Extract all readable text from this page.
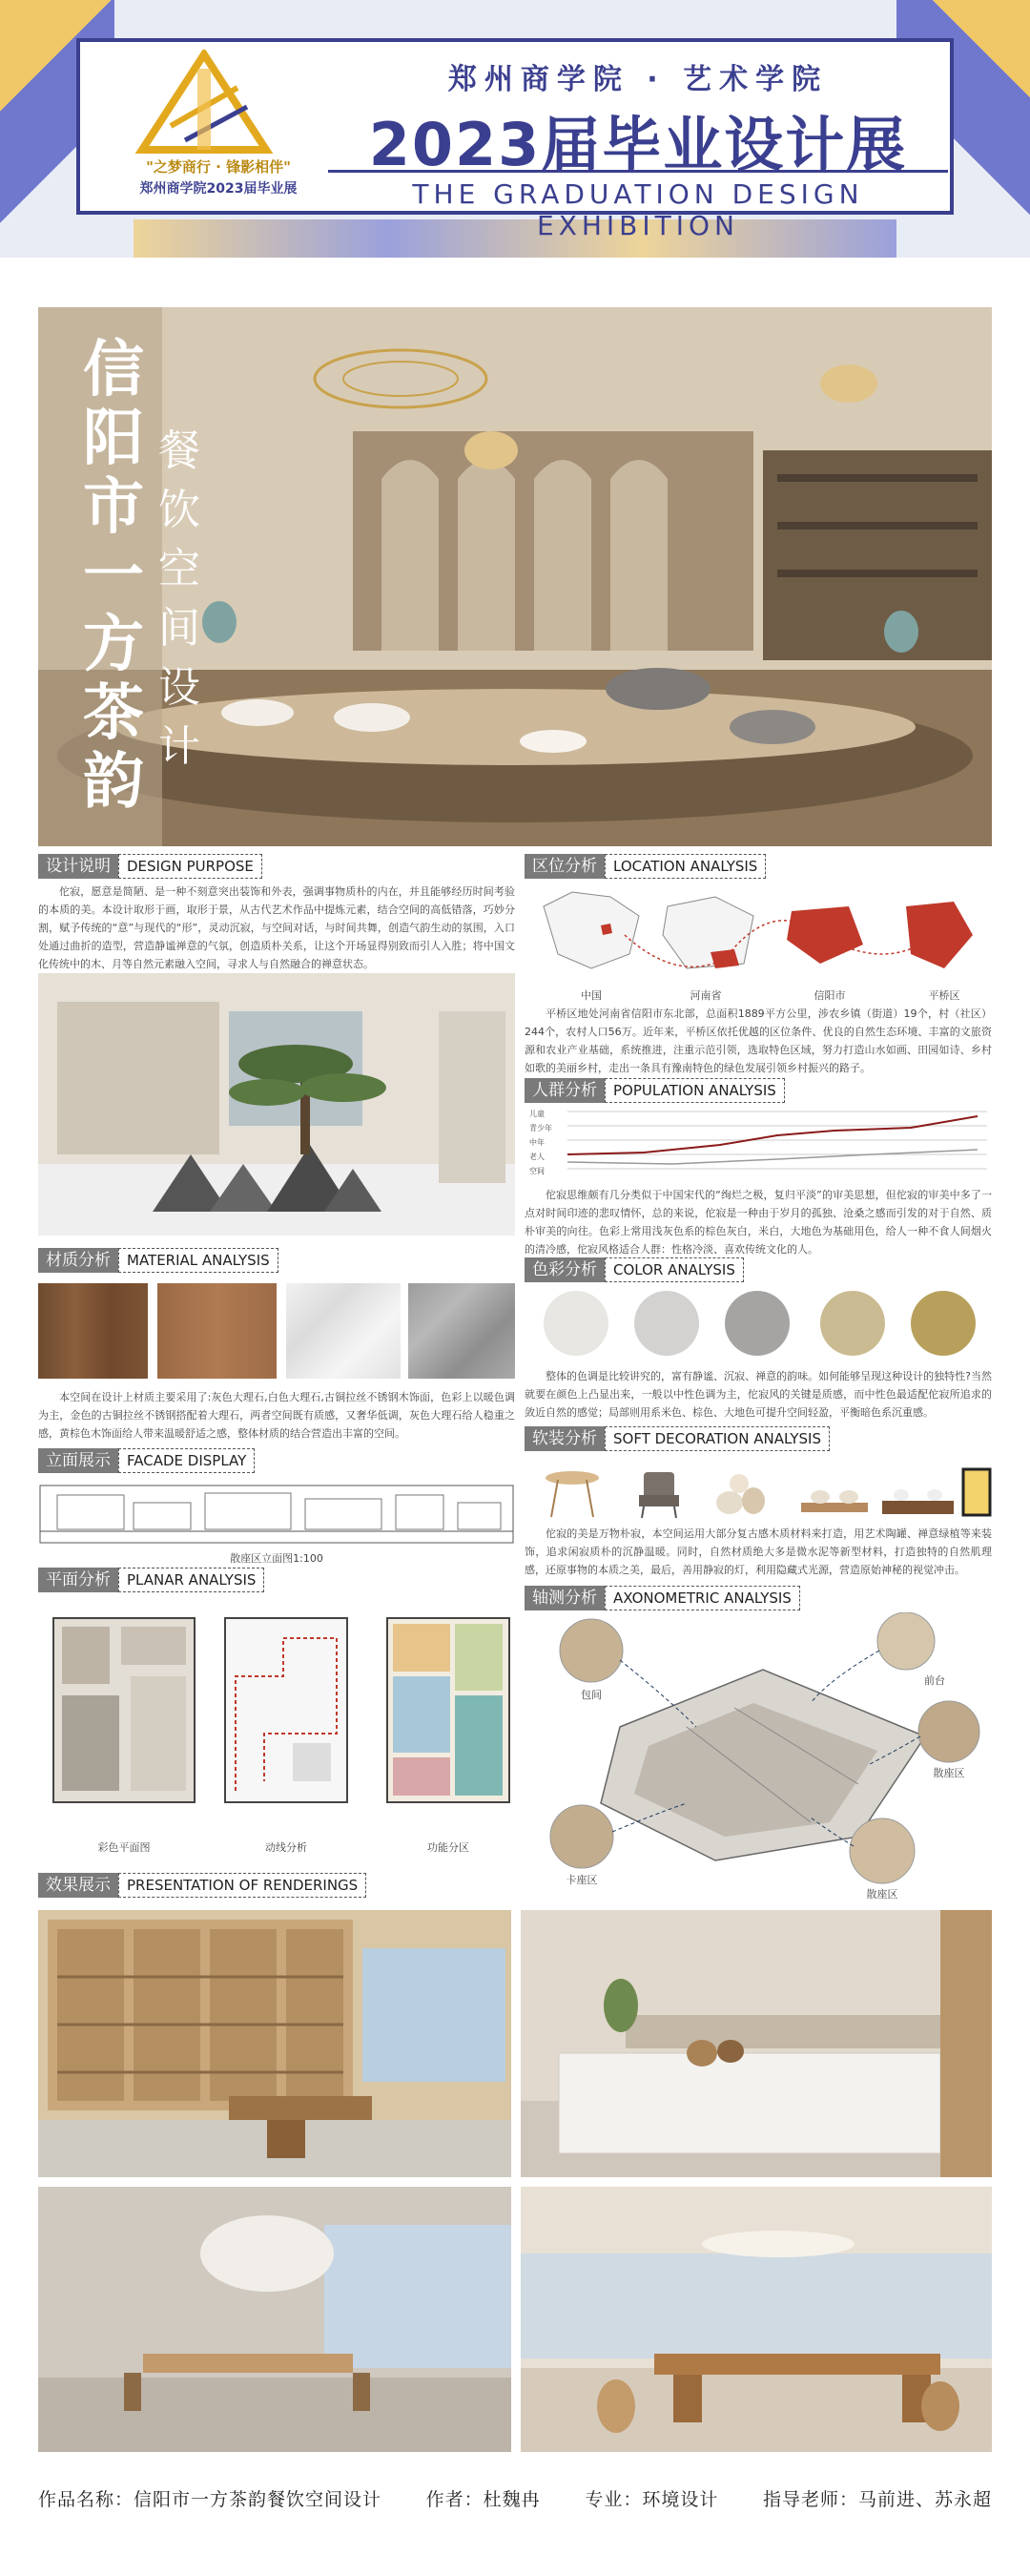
"之梦商行 · 锋影相伴"
郑州商学院2023届毕业展
郑州商学院 · 艺术学院
2023届毕业设计展
THE GRADUATION DESIGN EXHIBITION
信
阳
市
一
方
茶
韵
餐
饮
空
间
设
计
设计说明	DESIGN PURPOSE
佗寂，愿意是简陋、是一种不刻意突出装饰和外表，强调事物质朴的内在，并且能够经历时间考验的本质的美。本设计取形于画，取形于景，从古代艺术作品中提炼元素，结合空间的高低错落，巧妙分割，赋予传统的“意”与现代的“形”，灵动沉寂，与空间对话，与时间共舞，创造气韵生动的氛围，入口处通过曲折的造型，营造静谧禅意的气氛，创造质朴关系，让这个开场显得别致而引人入胜；将中国文化传统中的木、月等自然元素融入空间，寻求人与自然融合的禅意状态。
材质分析	MATERIAL ANALYSIS
本空间在设计上材质主要采用了:灰色大理石,白色大理石,古铜拉丝不锈钢木饰面，色彩上以暖色调为主，金色的古铜拉丝不锈钢搭配着大理石，两者空间既有质感，又奢华低调，灰色大理石给人稳重之感，黄棕色木饰面给人带来温暖舒适之感，整体材质的结合营造出丰富的空间。
立面展示	FACADE DISPLAY
散座区立面图1:100
平面分析	PLANAR ANALYSIS
彩色平面图	动线分析	功能分区
区位分析	LOCATION ANALYSIS
中国	河南省	信阳市	平桥区
平桥区地处河南省信阳市东北部，总面积1889平方公里，涉农乡镇（街道）19个，村（社区）244个，农村人口56万。近年来，平桥区依托优越的区位条件、优良的自然生态环境、丰富的文旅资源和农业产业基础，系统推进，注重示范引领，选取特色区域，努力打造山水如画、田园如诗、乡村如歌的美丽乡村，走出一条具有豫南特色的绿色发展引领乡村振兴的路子。
人群分析	POPULATION ANALYSIS
儿童
青少年
中年
老人
空间
佗寂思维颇有几分类似于中国宋代的“绚烂之极，复归平淡”的审美思想，但佗寂的审美中多了一点对时间印迹的悲叹情怀，总的来说，佗寂是一种由于岁月的孤独、沧桑之感而引发的对于自然、质朴审美的向往。色彩上常用浅灰色系的棕色灰白，米白，大地色为基础用色，给人一种不食人间烟火的清冷感，佗寂风格适合人群：性格冷淡、喜欢传统文化的人。
色彩分析	COLOR ANALYSIS
整体的色调是比较讲究的，富有静谧、沉寂、禅意的韵味。如何能够呈现这种设计的独特性?当然就要在颜色上凸显出来，一般以中性色调为主，佗寂风的关键是质感，而中性色最适配佗寂所追求的敛近自然的感觉；局部则用系米色、棕色、大地色可提升空间轻盈，平衡暗色系沉重感。
软装分析	SOFT DECORATION ANALYSIS
佗寂的美是万物朴寂，本空间运用大部分复古感木质材料来打造，用艺术陶罐、禅意绿植等来装饰，追求闲寂质朴的沉静温暖。同时，自然材质绝大多是微水泥等新型材料，打造独特的自然肌理感，还原事物的本质之美，最后，善用静寂的灯，利用隐藏式光源，营造原始神秘的视觉冲击。
轴测分析	AXONOMETRIC ANALYSIS
包间
前台
散座区
卡座区
散座区
效果展示	PRESENTATION OF RENDERINGS
作品名称：信阳市一方茶韵餐饮空间设计 作者：杜魏冉 专业：环境设计 指导老师：马前进、苏永超
